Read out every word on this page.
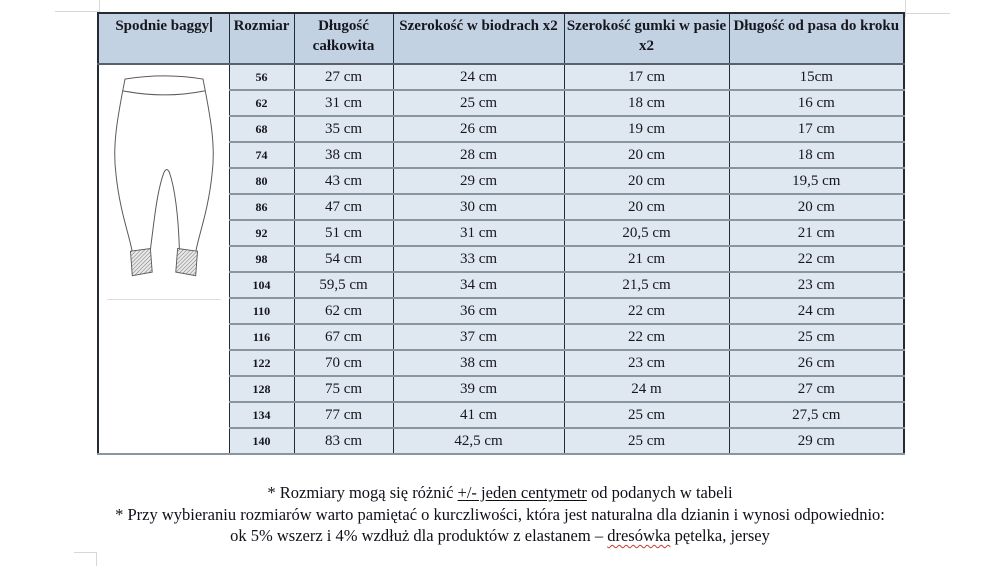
Spodnie baggy	Rozmiar	Długość całkowita	Szerokość w biodrach x2	Szerokość gumki w pasie x2	Długość od pasa do kroku

	56	27 cm	24 cm	17 cm	15cm
	62	31 cm	25 cm	18 cm	16 cm
	68	35 cm	26 cm	19 cm	17 cm
	74	38 cm	28 cm	20 cm	18 cm
	80	43 cm	29 cm	20 cm	19,5 cm
	86	47 cm	30 cm	20 cm	20 cm
	92	51 cm	31 cm	20,5 cm	21 cm
	98	54 cm	33 cm	21 cm	22 cm
	104	59,5 cm	34 cm	21,5 cm	23 cm
	110	62 cm	36 cm	22 cm	24 cm
	116	67 cm	37 cm	22 cm	25 cm
	122	70 cm	38 cm	23 cm	26 cm
	128	75 cm	39 cm	24 m	27 cm
	134	77 cm	41 cm	25 cm	27,5 cm
	140	83 cm	42,5 cm	25 cm	29 cm
* Rozmiary mogą się różnić +/- jeden centymetr od podanych w tabeli
* Przy wybieraniu rozmiarów warto pamiętać o kurczliwości, która jest naturalna dla dzianin i wynosi odpowiednio:
ok 5% wszerz i 4% wzdłuż dla produktów z elastanem – dresówka pętelka, jersey
